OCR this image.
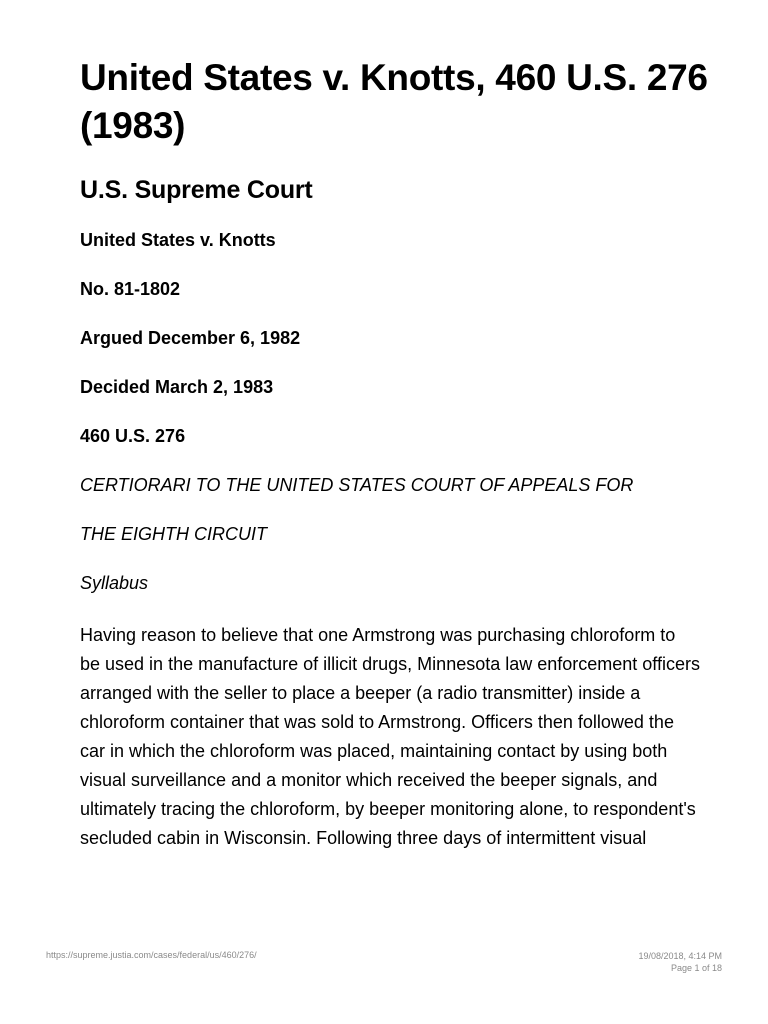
United States v. Knotts, 460 U.S. 276 (1983)
U.S. Supreme Court

United States v. Knotts

No. 81-1802

Argued December 6, 1982

Decided March 2, 1983

460 U.S. 276

CERTIORARI TO THE UNITED STATES COURT OF APPEALS FOR

THE EIGHTH CIRCUIT

Syllabus

Having reason to believe that one Armstrong was purchasing chloroform to be used in the manufacture of illicit drugs, Minnesota law enforcement officers arranged with the seller to place a beeper (a radio transmitter) inside a chloroform container that was sold to Armstrong. Officers then followed the car in which the chloroform was placed, maintaining contact by using both visual surveillance and a monitor which received the beeper signals, and ultimately tracing the chloroform, by beeper monitoring alone, to respondent's secluded cabin in Wisconsin. Following three days of intermittent visual

https://supreme.justia.com/cases/federal/us/460/276/	19/08/2018, 4:14 PM
Page 1 of 18
